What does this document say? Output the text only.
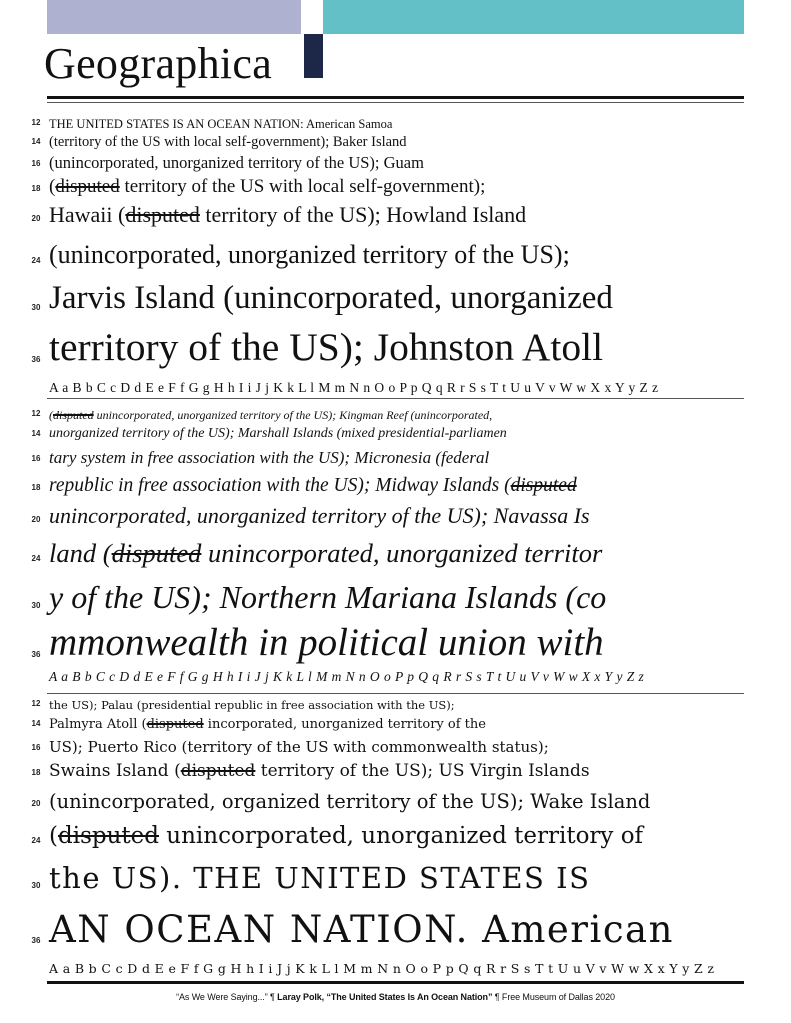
Geographica
12 THE UNITED STATES IS AN OCEAN NATION: American Samoa
14 (territory of the US with local self-government); Baker Island
16 (unincorporated, unorganized territory of the US); Guam
18 (disputed territory of the US with local self-government);
20 Hawaii (disputed territory of the US); Howland Island
24 (unincorporated, unorganized territory of the US);
30 Jarvis Island (unincorporated, unorganized
36 territory of the US); Johnston Atoll
A a B b C c D d E e F f G g H h I i J j K k L l M m N n O o P p Q q R r S s T t U u V v W w X x Y y Z z
12 (disputed unincorporated, unorganized territory of the US); Kingman Reef (unincorporated,
14 unorganized territory of the US); Marshall Islands (mixed presidential-parliamen
16 tary system in free association with the US); Micronesia (federal
18 republic in free association with the US); Midway Islands (disputed
20 unincorporated, unorganized territory of the US); Navassa Is
24 land (disputed unincorporated, unorganized territor
30 y of the US); Northern Mariana Islands (co
36 mmonwealth in political union with
A a B b C c D d E e F f G g H h I i J j K k L l M m N n O o P p Q q R r S s T t U u V v W w X x Y y Z z
12 the US); Palau (presidential republic in free association with the US);
14 Palmyra Atoll (disputed incorporated, unorganized territory of the
16 US); Puerto Rico (territory of the US with commonwealth status);
18 Swains Island (disputed territory of the US); US Virgin Islands
20 (unincorporated, organized territory of the US); Wake Island
24 (disputed unincorporated, unorganized territory of
30 the US). THE UNITED STATES IS
36 AN OCEAN NATION. American
A a B b C c D d E e F f G g H h I i J j K k L l M m N n O o P p Q q R r S s T t U u V v W w X x Y y Z z
“As We Were Saying...” ¶ Laray Polk, “The United States Is An Ocean Nation” ¶ Free Museum of Dallas 2020
